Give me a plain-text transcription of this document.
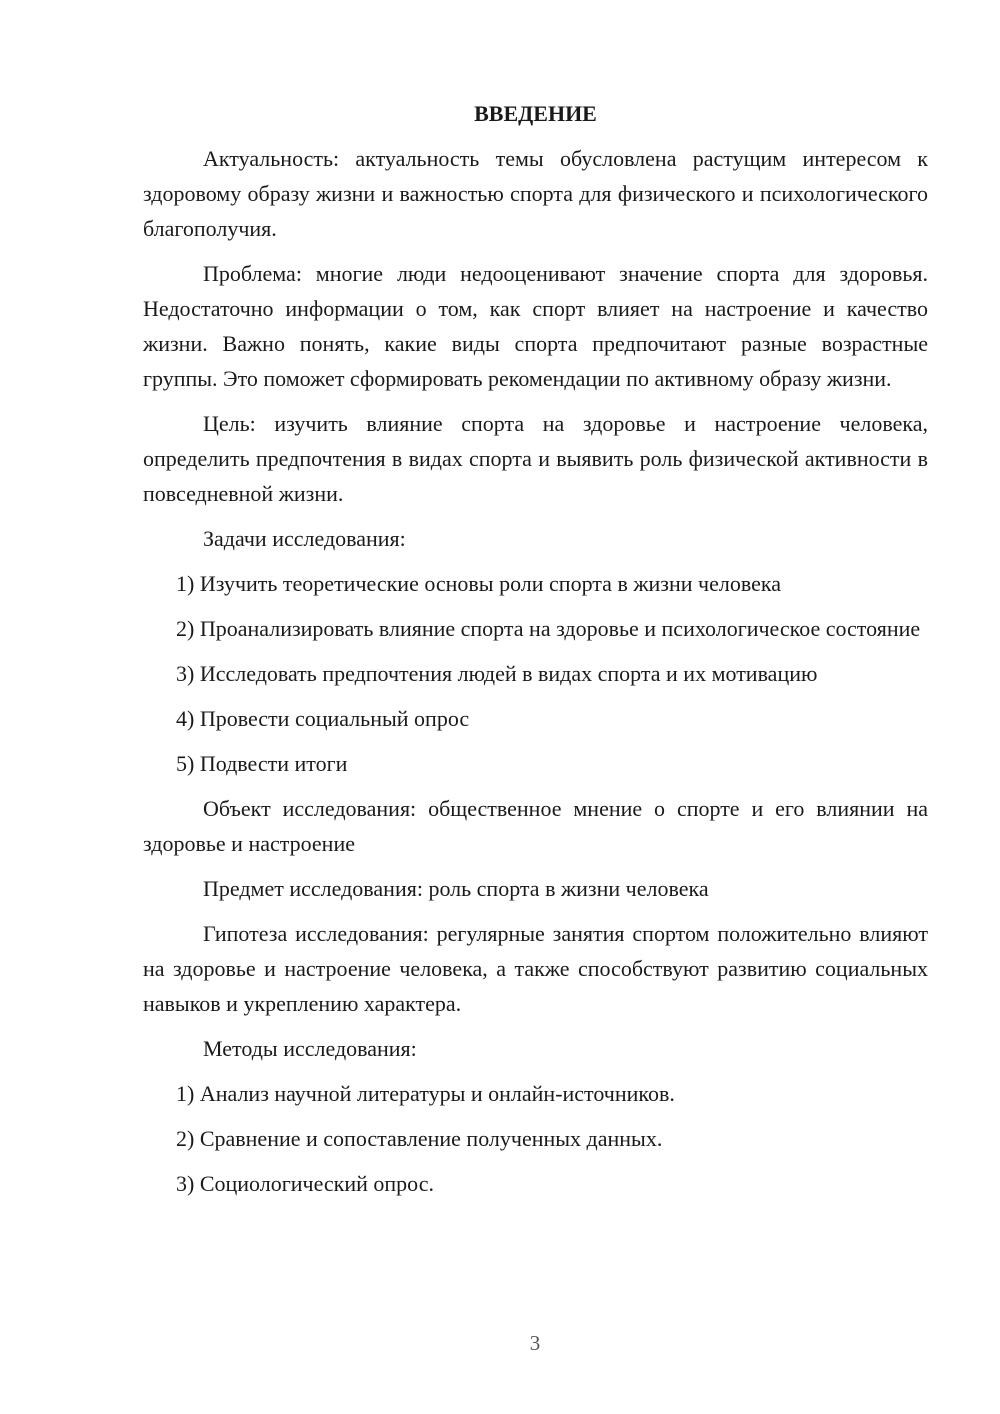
ВВЕДЕНИЕ

Актуальность: актуальность темы обусловлена растущим интересом к здоровому образу жизни и важностью спорта для физического и психологического благополучия.

Проблема: многие люди недооценивают значение спорта для здоровья. Недостаточно информации о том, как спорт влияет на настроение и качество жизни. Важно понять, какие виды спорта предпочитают разные возрастные группы. Это поможет сформировать рекомендации по активному образу жизни.

Цель: изучить влияние спорта на здоровье и настроение человека, определить предпочтения в видах спорта и выявить роль физической активности в повседневной жизни.

Задачи исследования:

1) Изучить теоретические основы роли спорта в жизни человека

2) Проанализировать влияние спорта на здоровье и психологическое состояние

3) Исследовать предпочтения людей в видах спорта и их мотивацию

4) Провести социальный опрос

5) Подвести итоги

Объект исследования: общественное мнение о спорте и его влиянии на здоровье и настроение

Предмет исследования: роль спорта в жизни человека

Гипотеза исследования: регулярные занятия спортом положительно влияют на здоровье и настроение человека, а также способствуют развитию социальных навыков и укреплению характера.

Методы исследования:

1) Анализ научной литературы и онлайн-источников.

2) Сравнение и сопоставление полученных данных.

3) Социологический опрос.

3
